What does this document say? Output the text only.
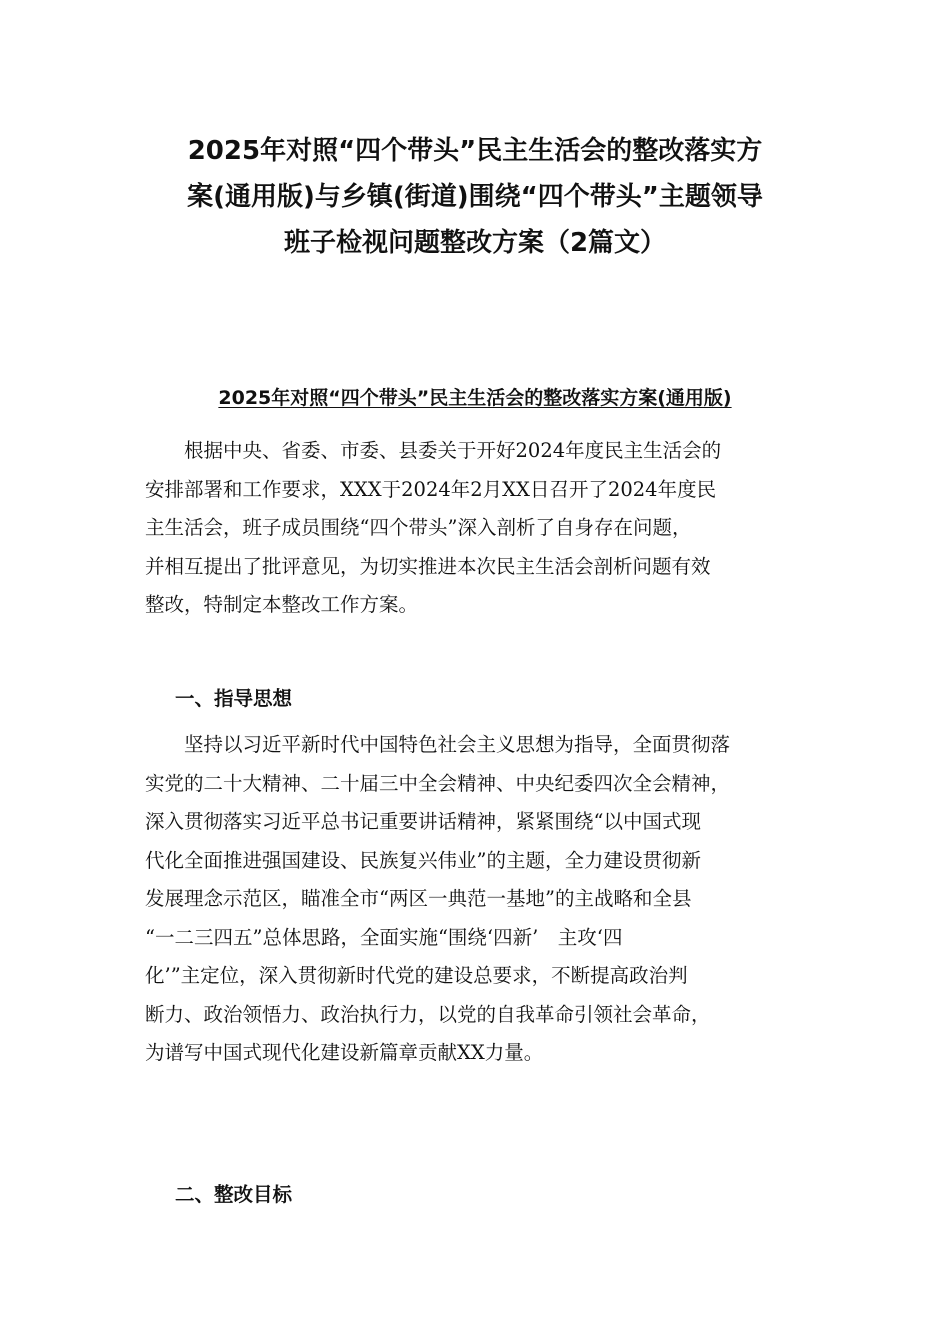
2025年对照“四个带头”民主生活会的整改落实方
案(通用版)与乡镇(街道)围绕“四个带头”主题领导
班子检视问题整改方案（2篇文）
2025年对照“四个带头”民主生活会的整改落实方案(通用版)
　　根据中央、省委、市委、县委关于开好2024年度民主生活会的
安排部署和工作要求，XXX于2024年2月XX日召开了2024年度民
主生活会，班子成员围绕“四个带头”深入剖析了自身存在问题，
并相互提出了批评意见，为切实推进本次民主生活会剖析问题有效
整改，特制定本整改工作方案。
一、指导思想
　　坚持以习近平新时代中国特色社会主义思想为指导，全面贯彻落
实党的二十大精神、二十届三中全会精神、中央纪委四次全会精神，
深入贯彻落实习近平总书记重要讲话精神，紧紧围绕“以中国式现
代化全面推进强国建设、民族复兴伟业”的主题，全力建设贯彻新
发展理念示范区，瞄准全市“两区一典范一基地”的主战略和全县
“一二三四五”总体思路，全面实施“围绕‘四新’　主攻‘四
化’”主定位，深入贯彻新时代党的建设总要求，不断提高政治判
断力、政治领悟力、政治执行力，以党的自我革命引领社会革命，
为谱写中国式现代化建设新篇章贡献XX力量。
二、整改目标
